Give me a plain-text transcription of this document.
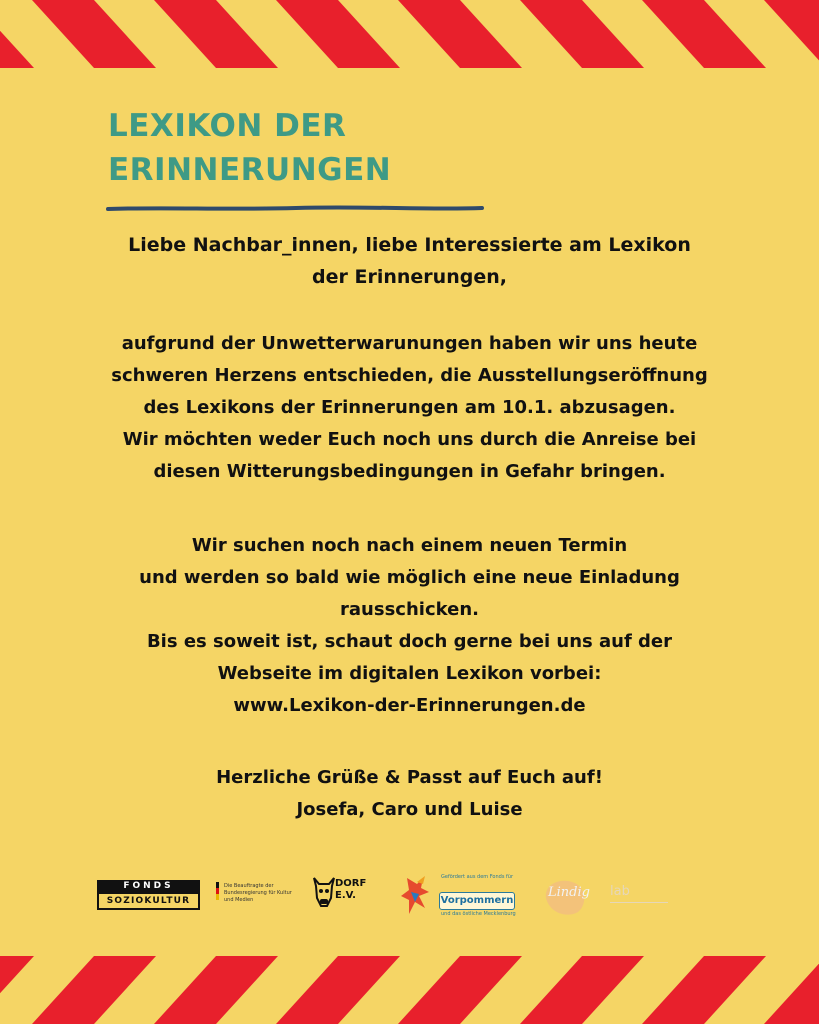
LEXIKON DER
ERINNERUNGEN

Liebe Nachbar_innen, liebe Interessierte am Lexikon
der Erinnerungen,

aufgrund der Unwetterwarunungen haben wir uns heute
schweren Herzens entschieden, die Ausstellungseröffnung
des Lexikons der Erinnerungen am 10.1. abzusagen.
Wir möchten weder Euch noch uns durch die Anreise bei
diesen Witterungsbedingungen in Gefahr bringen.

Wir suchen noch nach einem neuen Termin
und werden so bald wie möglich eine neue Einladung
rausschicken.
Bis es soweit ist, schaut doch gerne bei uns auf der
Webseite im digitalen Lexikon vorbei:
www.Lexikon-der-Erinnerungen.de

Herzliche Grüße & Passt auf Euch auf!
Josefa, Caro und Luise

FONDS
SOZIOKULTUR
Die Beauftragte der Bundesregierung für Kultur und Medien
DORF E.V.
Gefördert aus dem Fonds für
Vorpommern
und das östliche Mecklenburg
Lindig lab
